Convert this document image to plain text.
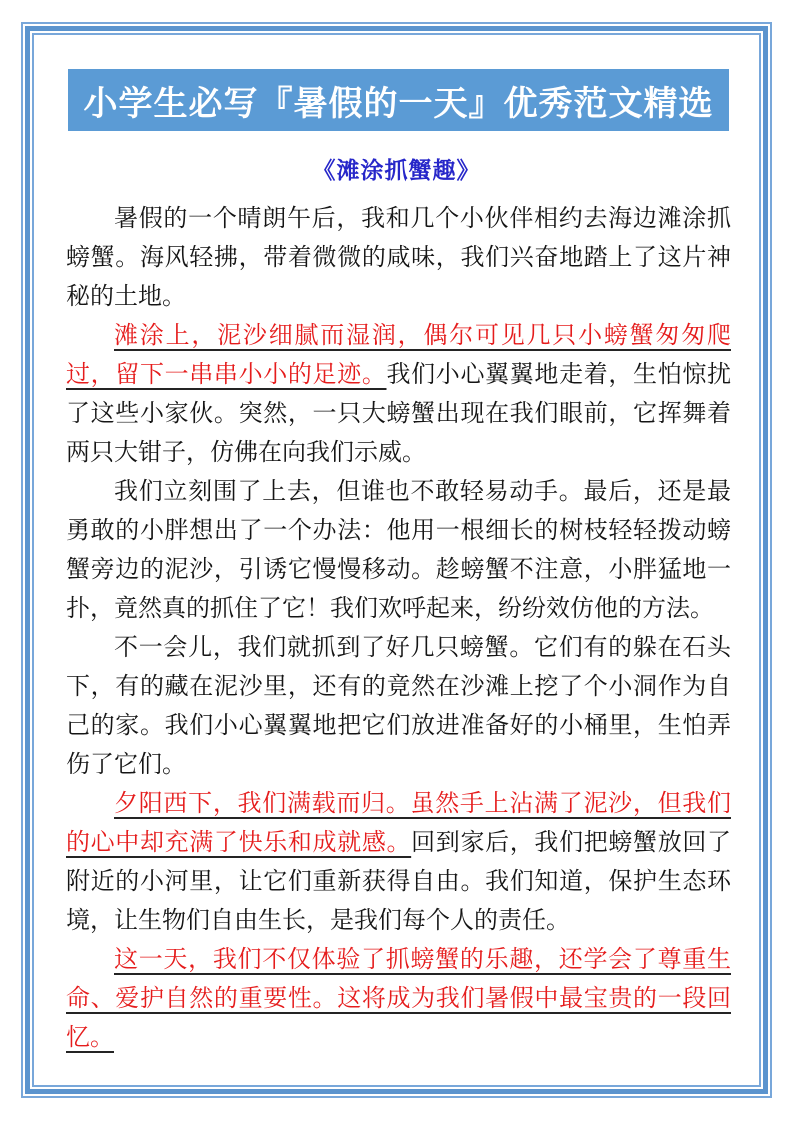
小学生必写『暑假的一天』优秀范文精选
《滩涂抓蟹趣》

暑假的一个晴朗午后，我和几个小伙伴相约去海边滩涂抓螃蟹。海风轻拂，带着微微的咸味，我们兴奋地踏上了这片神秘的土地。

滩涂上，泥沙细腻而湿润，偶尔可见几只小螃蟹匆匆爬过，留下一串串小小的足迹。我们小心翼翼地走着，生怕惊扰了这些小家伙。突然，一只大螃蟹出现在我们眼前，它挥舞着两只大钳子，仿佛在向我们示威。

我们立刻围了上去，但谁也不敢轻易动手。最后，还是最勇敢的小胖想出了一个办法：他用一根细长的树枝轻轻拨动螃蟹旁边的泥沙，引诱它慢慢移动。趁螃蟹不注意，小胖猛地一扑，竟然真的抓住了它！我们欢呼起来，纷纷效仿他的方法。

不一会儿，我们就抓到了好几只螃蟹。它们有的躲在石头下，有的藏在泥沙里，还有的竟然在沙滩上挖了个小洞作为自己的家。我们小心翼翼地把它们放进准备好的小桶里，生怕弄伤了它们。

夕阳西下，我们满载而归。虽然手上沾满了泥沙，但我们的心中却充满了快乐和成就感。回到家后，我们把螃蟹放回了附近的小河里，让它们重新获得自由。我们知道，保护生态环境，让生物们自由生长，是我们每个人的责任。

这一天，我们不仅体验了抓螃蟹的乐趣，还学会了尊重生命、爱护自然的重要性。这将成为我们暑假中最宝贵的一段回忆。
